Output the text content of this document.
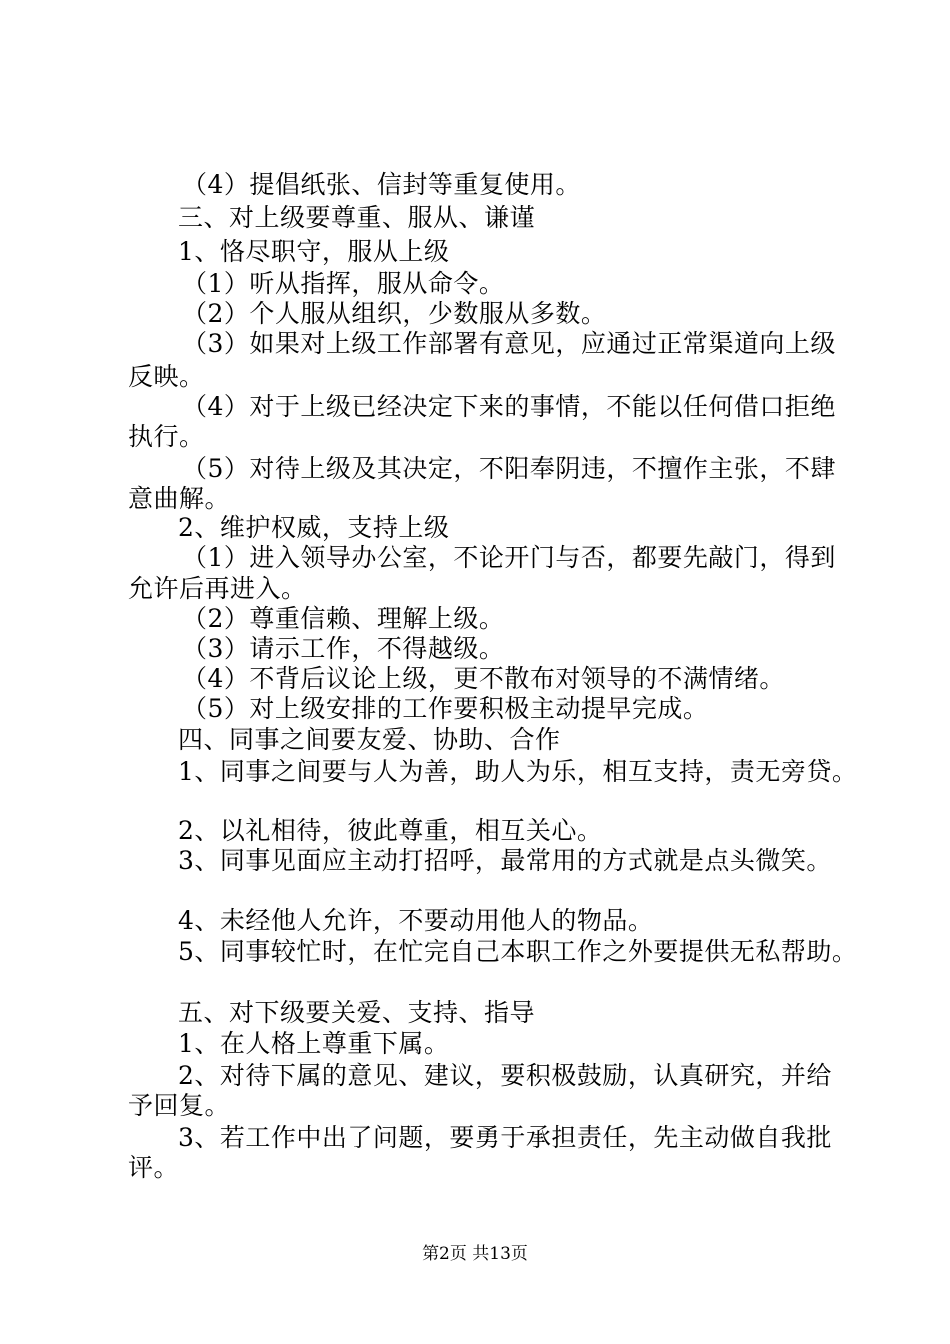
（4）提倡纸张、信封等重复使用。
三、对上级要尊重、服从、谦谨
1、恪尽职守，服从上级
（1）听从指挥，服从命令。
（2）个人服从组织，少数服从多数。
（3）如果对上级工作部署有意见，应通过正常渠道向上级
反映。
（4）对于上级已经决定下来的事情，不能以任何借口拒绝
执行。
（5）对待上级及其决定，不阳奉阴违，不擅作主张，不肆
意曲解。
2、维护权威，支持上级
（1）进入领导办公室，不论开门与否，都要先敲门，得到
允许后再进入。
（2）尊重信赖、理解上级。
（3）请示工作，不得越级。
（4）不背后议论上级，更不散布对领导的不满情绪。
（5）对上级安排的工作要积极主动提早完成。
四、同事之间要友爱、协助、合作
1、同事之间要与人为善，助人为乐，相互支持，责无旁贷。
2、以礼相待，彼此尊重，相互关心。
3、同事见面应主动打招呼，最常用的方式就是点头微笑。
4、未经他人允许，不要动用他人的物品。
5、同事较忙时，在忙完自己本职工作之外要提供无私帮助。
五、对下级要关爱、支持、指导
1、在人格上尊重下属。
2、对待下属的意见、建议，要积极鼓励，认真研究，并给
予回复。
3、若工作中出了问题，要勇于承担责任，先主动做自我批
评。
第2页 共13页
